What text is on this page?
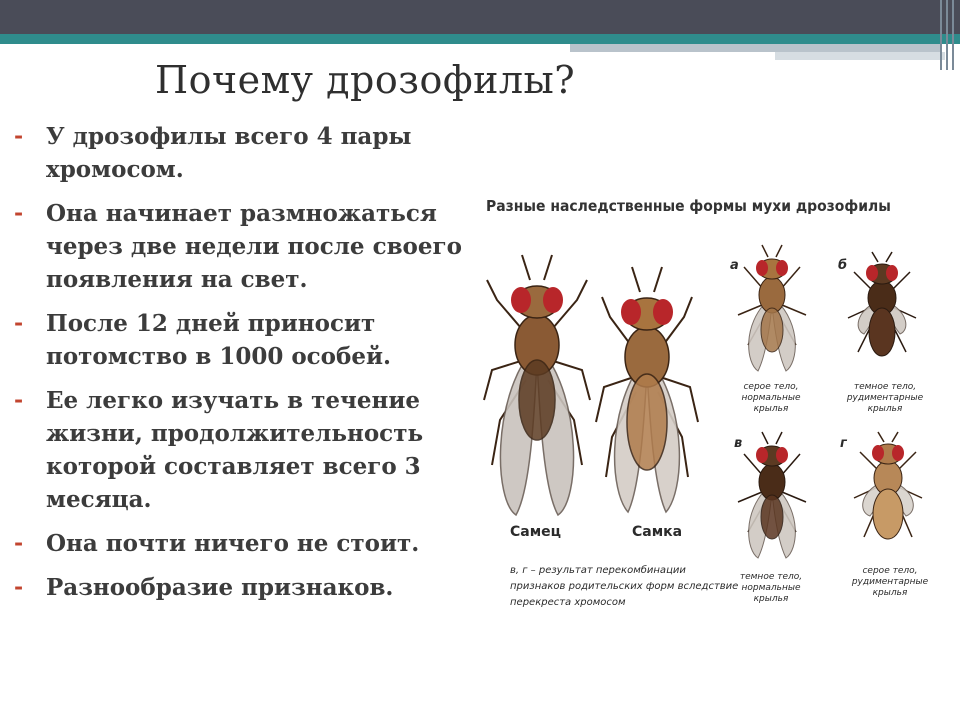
Почему дрозофилы?
- У дрозофилы всего 4 пары хромосом.
- Она начинает размножаться через две недели после своего появления на свет.
- После 12 дней приносит потомство в 1000 особей.
- Ее легко изучать в течение жизни, продолжительность которой составляет всего 3 месяца.
- Она почти ничего не стоит.
- Разнообразие признаков.
Разные наследственные формы мухи дрозофилы
Самец	Самка
а	б
в	г
серое тело, нормальные крылья
темное тело, рудиментарные крылья
темное тело, нормальные крылья
серое тело, рудиментарные крылья
в, г – результат перекомбинации признаков родительских форм вследствие перекреста хромосом
